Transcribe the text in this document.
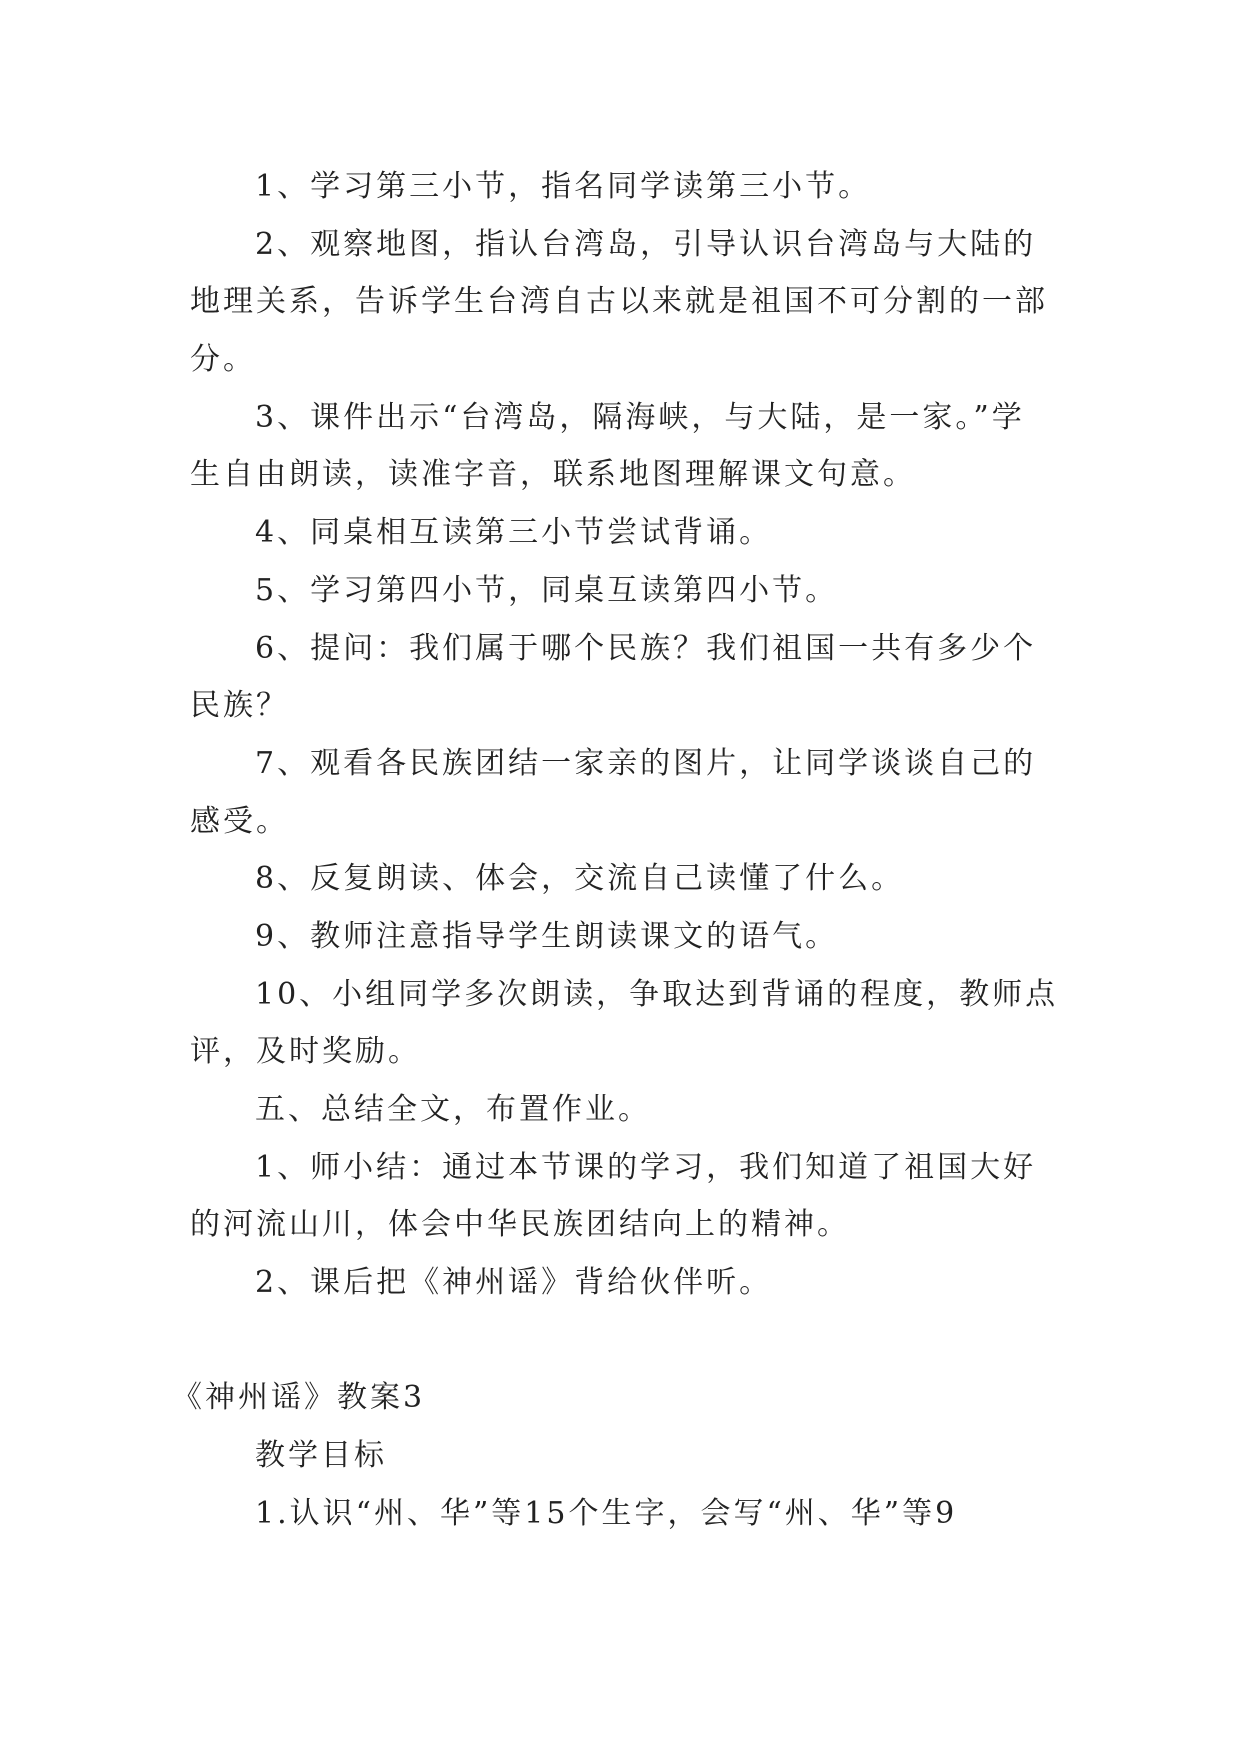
1、学习第三小节，指名同学读第三小节。
2、观察地图，指认台湾岛，引导认识台湾岛与大陆的
地理关系，告诉学生台湾自古以来就是祖国不可分割的一部
分。
3、课件出示“台湾岛，隔海峡，与大陆，是一家。”学
生自由朗读，读准字音，联系地图理解课文句意。
4、同桌相互读第三小节尝试背诵。
5、学习第四小节，同桌互读第四小节。
6、提问：我们属于哪个民族？我们祖国一共有多少个
民族？
7、观看各民族团结一家亲的图片，让同学谈谈自己的
感受。
8、反复朗读、体会，交流自己读懂了什么。
9、教师注意指导学生朗读课文的语气。
10、小组同学多次朗读，争取达到背诵的程度，教师点
评，及时奖励。
五、总结全文，布置作业。
1、师小结：通过本节课的学习，我们知道了祖国大好
的河流山川，体会中华民族团结向上的精神。
2、课后把《神州谣》背给伙伴听。
《神州谣》教案3
教学目标
1.认识“州、华”等15个生字，会写“州、华”等9
